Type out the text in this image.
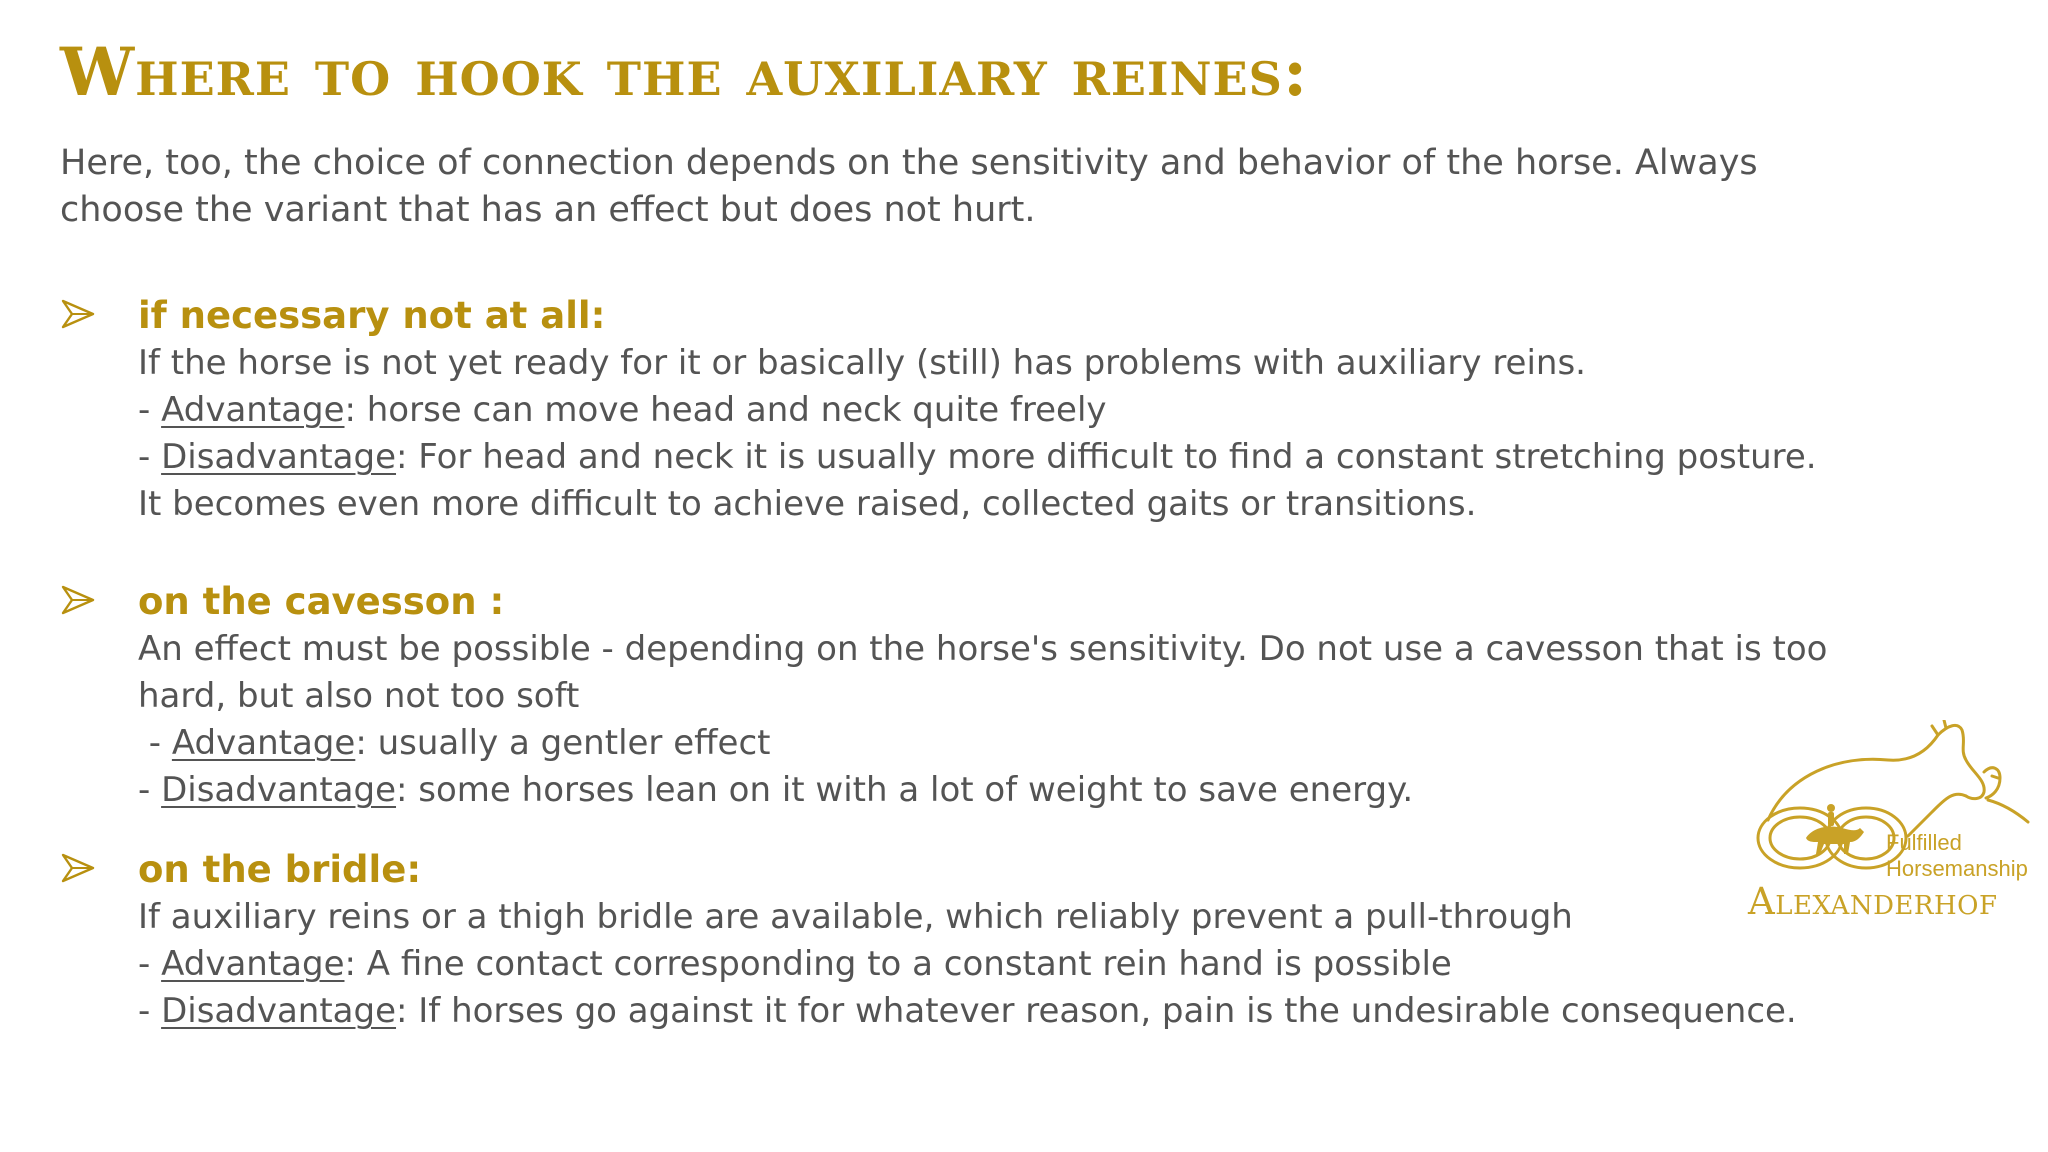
Where to hook the auxiliary reines:

Here, too, the choice of connection depends on the sensitivity and behavior of the horse. Always choose the variant that has an effect but does not hurt.

if necessary not at all:

If the horse is not yet ready for it or basically (still) has problems with auxiliary reins.

- Advantage: horse can move head and neck quite freely

- Disadvantage: For head and neck it is usually more difficult to find a constant stretching posture.

It becomes even more difficult to achieve raised, collected gaits or transitions.

on the cavesson :

An effect must be possible - depending on the horse's sensitivity. Do not use a cavesson that is too hard, but also not too soft

- Advantage: usually a gentler effect

- Disadvantage: some horses lean on it with a lot of weight to save energy.

on the bridle:

If auxiliary reins or a thigh bridle are available, which reliably prevent a pull-through

- Advantage: A fine contact corresponding to a constant rein hand is possible

- Disadvantage: If horses go against it for whatever reason, pain is the undesirable consequence.

Fulfilled
Horsemanship
Alexanderhof
